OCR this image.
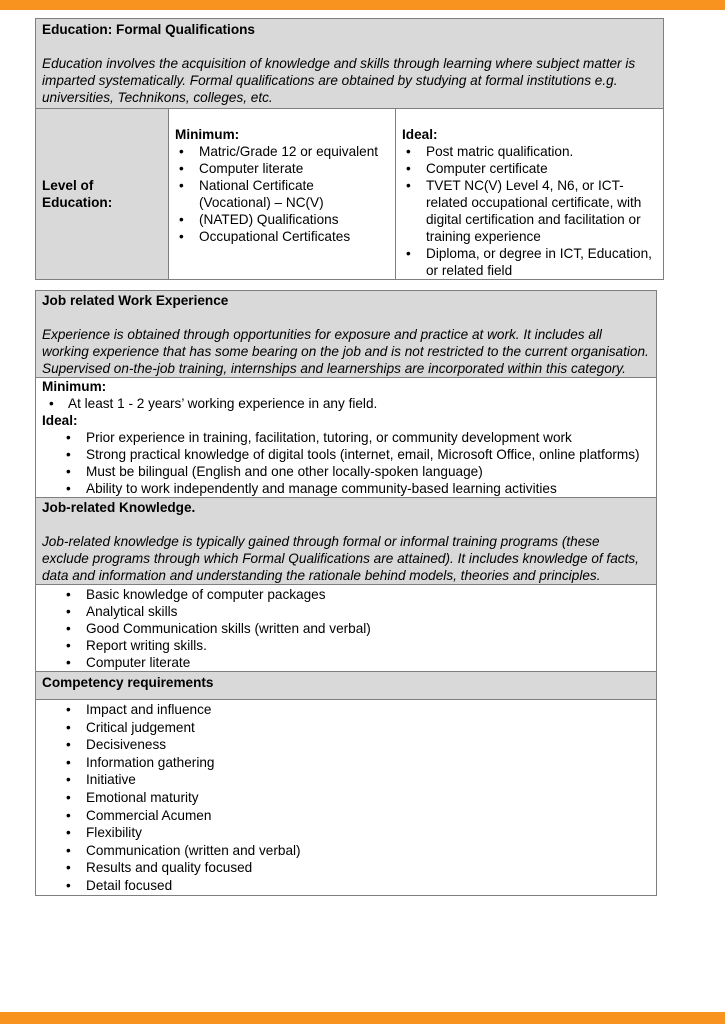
Education: Formal Qualifications
Education involves the acquisition of knowledge and skills through learning where subject matter is imparted systematically. Formal qualifications are obtained by studying at formal institutions e.g. universities, Technikons, colleges, etc.

Level of Education:

Minimum:
• Matric/Grade 12 or equivalent
• Computer literate
• National Certificate (Vocational) – NC(V)
• (NATED) Qualifications
• Occupational Certificates

Ideal:
• Post matric qualification.
• Computer certificate
• TVET NC(V) Level 4, N6, or ICT-related occupational certificate, with digital certification and facilitation or training experience
• Diploma, or degree in ICT, Education, or related field
Job related Work Experience
Experience is obtained through opportunities for exposure and practice at work. It includes all working experience that has some bearing on the job and is not restricted to the current organisation. Supervised on-the-job training, internships and learnerships are incorporated within this category.

Minimum:
• At least 1 - 2 years’ working experience in any field.
Ideal:
• Prior experience in training, facilitation, tutoring, or community development work
• Strong practical knowledge of digital tools (internet, email, Microsoft Office, online platforms)
• Must be bilingual (English and one other locally-spoken language)
• Ability to work independently and manage community-based learning activities

Job-related Knowledge.
Job-related knowledge is typically gained through formal or informal training programs (these exclude programs through which Formal Qualifications are attained). It includes knowledge of facts, data and information and understanding the rationale behind models, theories and principles.

• Basic knowledge of computer packages
• Analytical skills
• Good Communication skills (written and verbal)
• Report writing skills.
• Computer literate

Competency requirements

• Impact and influence
• Critical judgement
• Decisiveness
• Information gathering
• Initiative
• Emotional maturity
• Commercial Acumen
• Flexibility
• Communication (written and verbal)
• Results and quality focused
• Detail focused
